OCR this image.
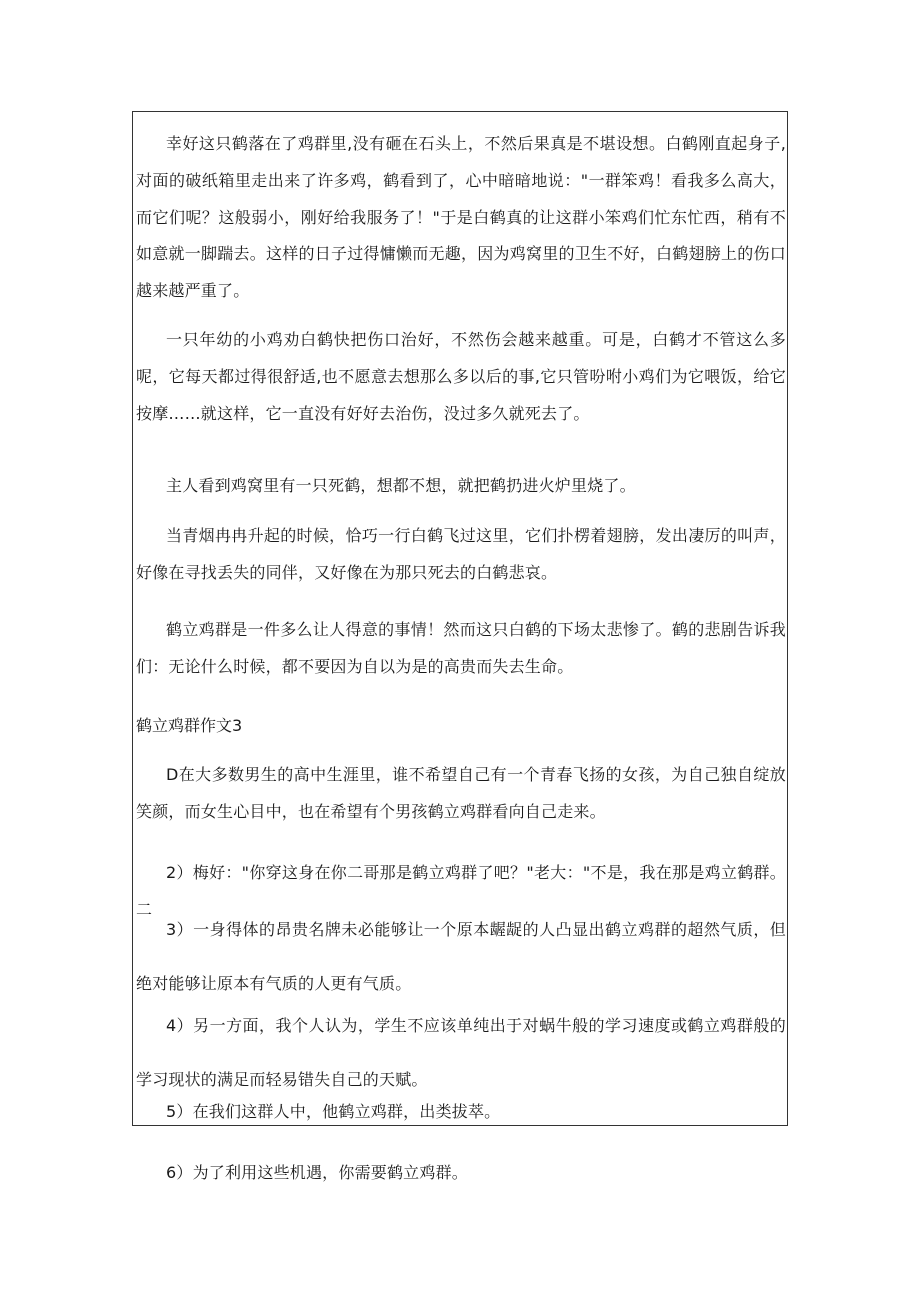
幸好这只鹤落在了鸡群里,没有砸在石头上，不然后果真是不堪设想。白鹤刚直起身子,对面的破纸箱里走出来了许多鸡，鹤看到了，心中暗暗地说："一群笨鸡！看我多么高大，而它们呢？这般弱小，刚好给我服务了！"于是白鹤真的让这群小笨鸡们忙东忙西，稍有不如意就一脚踹去。这样的日子过得慵懒而无趣，因为鸡窝里的卫生不好，白鹤翅膀上的伤口越来越严重了。

一只年幼的小鸡劝白鹤快把伤口治好，不然伤会越来越重。可是，白鹤才不管这么多呢，它每天都过得很舒适,也不愿意去想那么多以后的事,它只管吩咐小鸡们为它喂饭，给它按摩……就这样，它一直没有好好去治伤，没过多久就死去了。

主人看到鸡窝里有一只死鹤，想都不想，就把鹤扔进火炉里烧了。

当青烟冉冉升起的时候，恰巧一行白鹤飞过这里，它们扑楞着翅膀，发出凄厉的叫声，好像在寻找丢失的同伴，又好像在为那只死去的白鹤悲哀。

鹤立鸡群是一件多么让人得意的事情！然而这只白鹤的下场太悲惨了。鹤的悲剧告诉我们：无论什么时候，都不要因为自以为是的高贵而失去生命。

鹤立鸡群作文3

D在大多数男生的高中生涯里，谁不希望自己有一个青春飞扬的女孩，为自己独自绽放笑颜，而女生心目中，也在希望有个男孩鹤立鸡群看向自己走来。

2）梅好："你穿这身在你二哥那是鹤立鸡群了吧？"老大："不是，我在那是鸡立鹤群。二

3）一身得体的昂贵名牌未必能够让一个原本龌龊的人凸显出鹤立鸡群的超然气质，但绝对能够让原本有气质的人更有气质。

4）另一方面，我个人认为，学生不应该单纯出于对蜗牛般的学习速度或鹤立鸡群般的学习现状的满足而轻易错失自己的天赋。

5）在我们这群人中，他鹤立鸡群，出类拔萃。

6）为了利用这些机遇，你需要鹤立鸡群。
